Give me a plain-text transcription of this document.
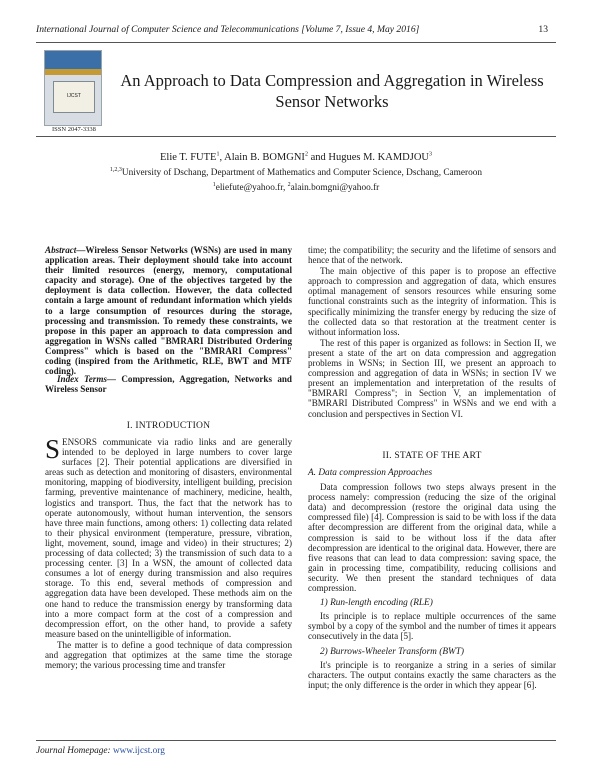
International Journal of Computer Science and Telecommunications [Volume 7, Issue 4, May 2016]	13
IJCST
ISSN 2047-3338
An Approach to Data Compression and Aggregation in Wireless Sensor Networks
Elie T. FUTE$^1$, Alain B. BOMGNI$^2$ and Hugues M. KAMDJOU$^3$
$^{1,2,3}$University of Dschang, Department of Mathematics and Computer Science, Dschang, Cameroon
$^1$eliefute@yahoo.fr, $^2$alain.bomgni@yahoo.fr
Abstract—Wireless Sensor Networks (WSNs) are used in many application areas. Their deployment should take into account their limited resources (energy, memory, computational capacity and storage). One of the objectives targeted by the deployment is data collection. However, the data collected contain a large amount of redundant information which yields to a large consumption of resources during the storage, processing and transmission. To remedy these constraints, we propose in this paper an approach to data compression and aggregation in WSNs called "BMRARI Distributed Ordering Compress" which is based on the "BMRARI Compress" coding (inspired from the Arithmetic, RLE, BWT and MTF coding).
Index Terms— Compression, Aggregation, Networks and Wireless Sensor
I. INTRODUCTION

SENSORS communicate via radio links and are generally intended to be deployed in large numbers to cover large surfaces [2]. Their potential applications are diversified in areas such as detection and monitoring of disasters, environmental monitoring, mapping of biodiversity, intelligent building, precision farming, preventive maintenance of machinery, medicine, health, logistics and transport. Thus, the fact that the network has to operate autonomously, without human intervention, the sensors have three main functions, among others: 1) collecting data related to their physical environment (temperature, pressure, vibration, light, movement, sound, image and video) in their structures; 2) processing of data collected; 3) the transmission of such data to a processing center. [3] In a WSN, the amount of collected data consumes a lot of energy during transmission and also requires storage. To this end, several methods of compression and aggregation data have been developed. These methods aim on the one hand to reduce the transmission energy by transforming data into a more compact form at the cost of a compression and decompression effort, on the other hand, to provide a safety measure based on the unintelligible of information.

The matter is to define a good technique of data compression and aggregation that optimizes at the same time the storage memory; the various processing time and transfer

time; the compatibility; the security and the lifetime of sensors and hence that of the network.

The main objective of this paper is to propose an effective approach to compression and aggregation of data, which ensures optimal management of sensors resources while ensuring some functional constraints such as the integrity of information. This is specifically minimizing the transfer energy by reducing the size of the collected data so that restoration at the treatment center is without information loss.

The rest of this paper is organized as follows: in Section II, we present a state of the art on data compression and aggregation problems in WSNs; in Section III, we present an approach to compression and aggregation of data in WSNs; in section IV we present an implementation and interpretation of the results of "BMRARI Compress"; in Section V, an implementation of "BMRARI Distributed Compress" in WSNs and we end with a conclusion and perspectives in Section VI.

II. STATE OF THE ART

A. Data compression Approaches

Data compression follows two steps always present in the process namely: compression (reducing the size of the original data) and decompression (restore the original data using the compressed file) [4]. Compression is said to be with loss if the data after decompression are different from the original data, while a compression is said to be without loss if the data after decompression are identical to the original data. However, there are five reasons that can lead to data compression: saving space, the gain in processing time, compatibility, reducing collisions and security. We then present the standard techniques of data compression.

1) Run-length encoding (RLE)

Its principle is to replace multiple occurrences of the same symbol by a copy of the symbol and the number of times it appears consecutively in the data [5].

2) Burrows-Wheeler Transform (BWT)

It's principle is to reorganize a string in a series of similar characters. The output contains exactly the same characters as the input; the only difference is the order in which they appear [6].

Journal Homepage: www.ijcst.org
